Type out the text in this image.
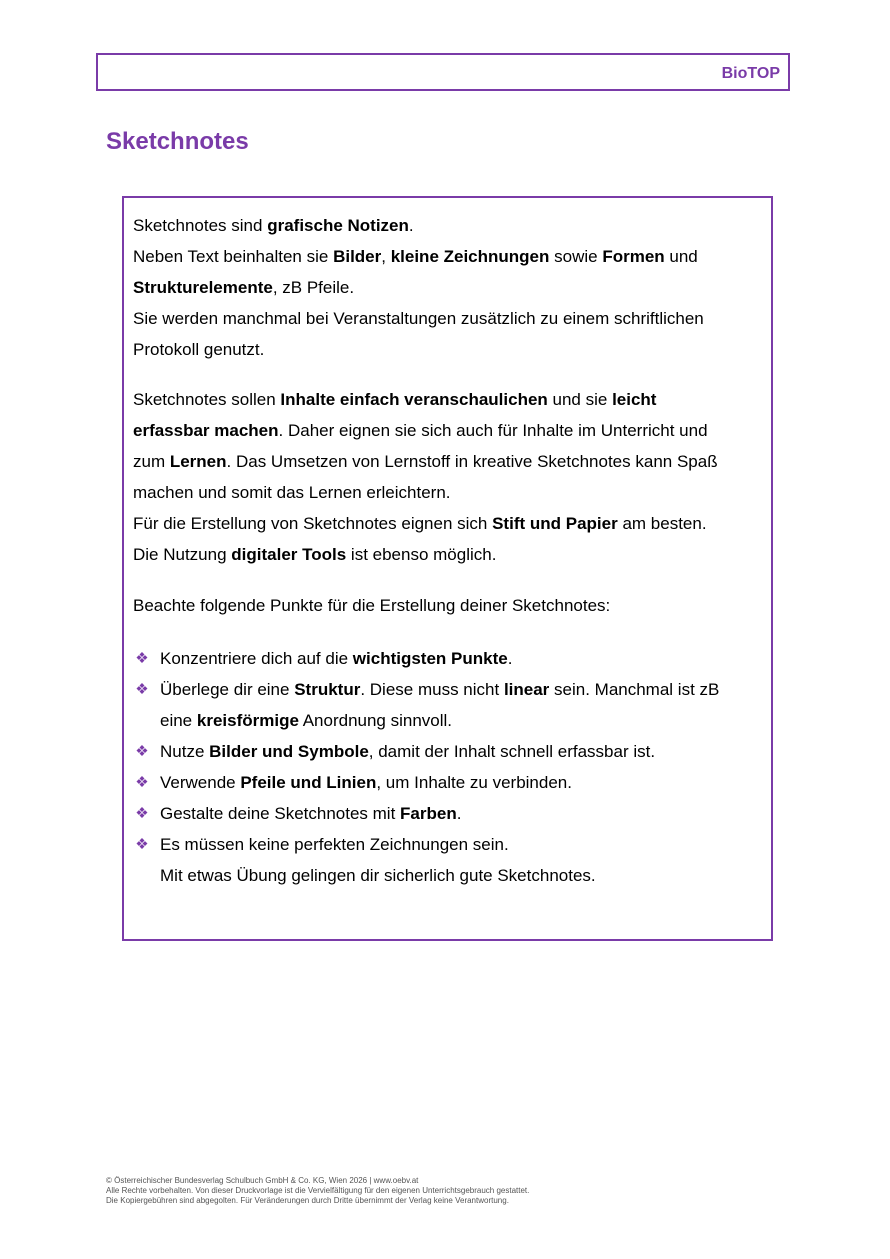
BioTOP
Sketchnotes
Sketchnotes sind grafische Notizen.
Neben Text beinhalten sie Bilder, kleine Zeichnungen sowie Formen und
Strukturelemente, zB Pfeile.
Sie werden manchmal bei Veranstaltungen zusätzlich zu einem schriftlichen
Protokoll genutzt.
Sketchnotes sollen Inhalte einfach veranschaulichen und sie leicht
erfassbar machen. Daher eignen sie sich auch für Inhalte im Unterricht und
zum Lernen. Das Umsetzen von Lernstoff in kreative Sketchnotes kann Spaß
machen und somit das Lernen erleichtern.
Für die Erstellung von Sketchnotes eignen sich Stift und Papier am besten.
Die Nutzung digitaler Tools ist ebenso möglich.
Beachte folgende Punkte für die Erstellung deiner Sketchnotes:
❖ Konzentriere dich auf die wichtigsten Punkte.
❖ Überlege dir eine Struktur. Diese muss nicht linear sein. Manchmal ist zB
eine kreisförmige Anordnung sinnvoll.
❖ Nutze Bilder und Symbole, damit der Inhalt schnell erfassbar ist.
❖ Verwende Pfeile und Linien, um Inhalte zu verbinden.
❖ Gestalte deine Sketchnotes mit Farben.
❖ Es müssen keine perfekten Zeichnungen sein.
Mit etwas Übung gelingen dir sicherlich gute Sketchnotes.
© Österreichischer Bundesverlag Schulbuch GmbH & Co. KG, Wien 2026 | www.oebv.at
Alle Rechte vorbehalten. Von dieser Druckvorlage ist die Vervielfältigung für den eigenen Unterrichtsgebrauch gestattet.
Die Kopiergebühren sind abgegolten. Für Veränderungen durch Dritte übernimmt der Verlag keine Verantwortung.
